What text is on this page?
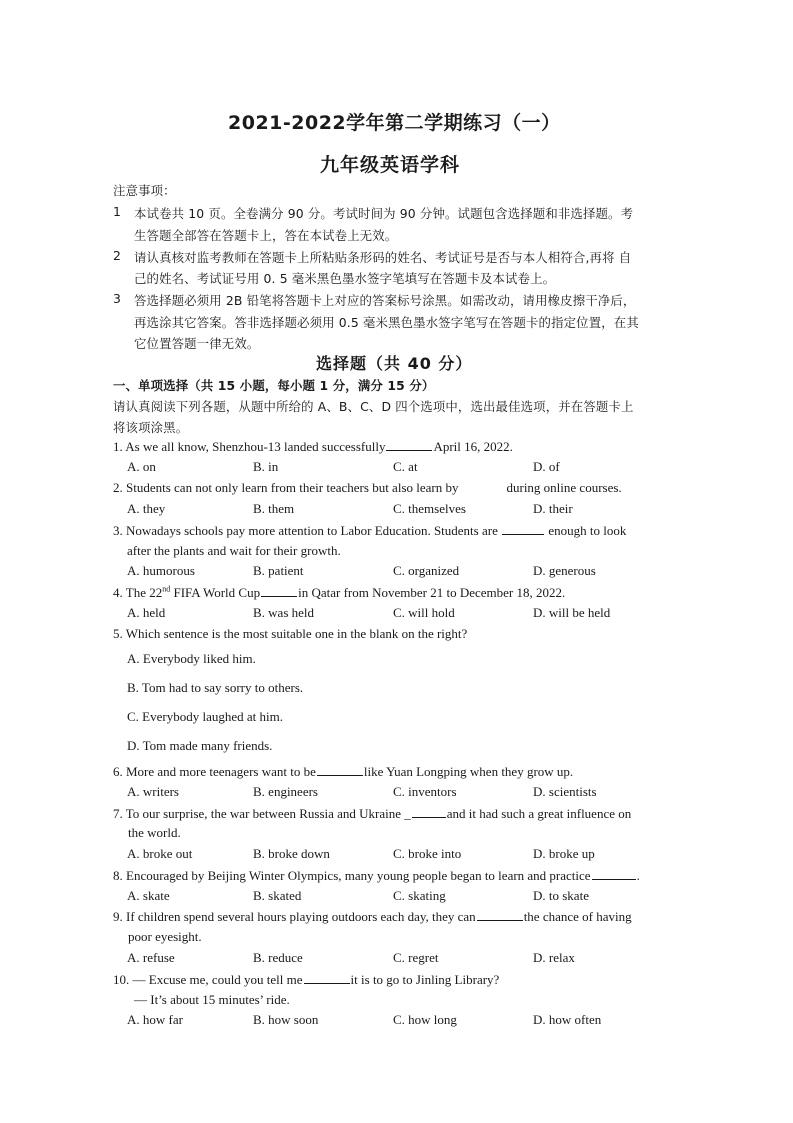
2021-2022学年第二学期练习（一）
九年级英语学科
注意事项：
1 本试卷共 10 页。全卷满分 90 分。考试时间为 90 分钟。试题包含选择题和非选择题。考
生答题全部答在答题卡上，答在本试卷上无效。
2 请认真核对监考教师在答题卡上所粘贴条形码的姓名、考试证号是否与本人相符合,再将 自
己的姓名、考试证号用 0. 5 毫米黑色墨水签字笔填写在答题卡及本试卷上。
3 答选择题必须用 2B 铅笔将答题卡上对应的答案标号涂黑。如需改动，请用橡皮擦干净后，
再选涂其它答案。答非选择题必须用 0.5 毫米黑色墨水签字笔写在答题卡的指定位置，在其
它位置答题一律无效。
选择题（共 40 分）
一、单项选择（共 15 小题，每小题 1 分，满分 15 分）
请认真阅读下列各题，从题中所给的 A、B、C、D 四个选项中，选出最佳选项，并在答题卡上
将该项涂黑。
1. As we all know, Shenzhou-13 landed successfully	April 16, 2022.
A. on	B. in	C. at	D. of
2. Students can not only learn from their teachers but also learn by	during online courses.
A. they	B. them	C. themselves	D. their
3. Nowadays schools pay more attention to Labor Education. Students are	enough to look
after the plants and wait for their growth.
A. humorous	B. patient	C. organized	D. generous
4. The 22nd FIFA World Cup	in Qatar from November 21 to December 18, 2022.
A. held	B. was held	C. will hold	D. will be held
5. Which sentence is the most suitable one in the blank on the right?
A. Everybody liked him.
B. Tom had to say sorry to others.
C. Everybody laughed at him.
D. Tom made many friends.
6. More and more teenagers want to be	like Yuan Longping when they grow up.
A. writers	B. engineers	C. inventors	D. scientists
7. To our surprise, the war between Russia and Ukraine _	and it had such a great influence on
the world.
A. broke out	B. broke down	C. broke into	D. broke up
8. Encouraged by Beijing Winter Olympics, many young people began to learn and practice	.
A. skate	B. skated	C. skating	D. to skate
9. If children spend several hours playing outdoors each day, they can	the chance of having
poor eyesight.
A. refuse	B. reduce	C. regret	D. relax
10. — Excuse me, could you tell me	it is to go to Jinling Library?
— It’s about 15 minutes’ ride.
A. how far	B. how soon	C. how long	D. how often
